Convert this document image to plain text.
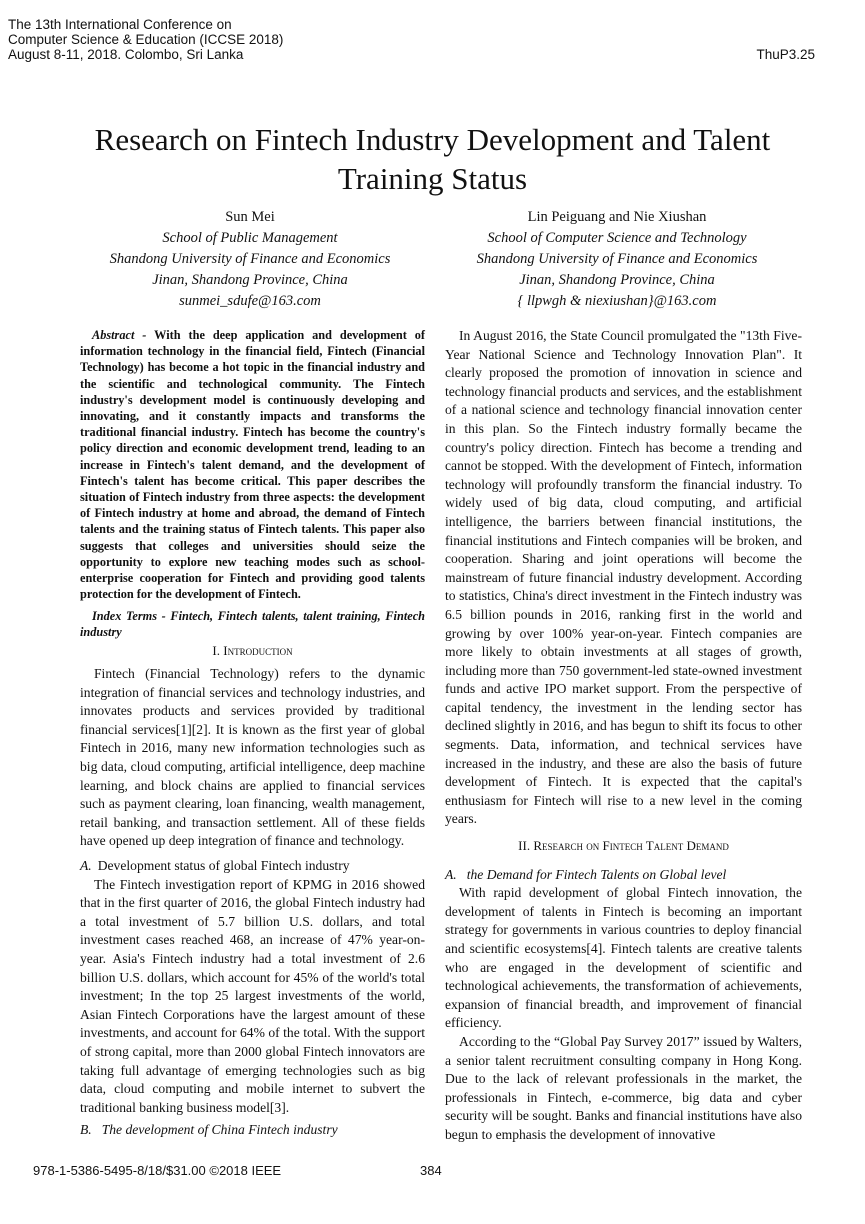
The 13th International Conference on
Computer Science & Education (ICCSE 2018)
August 8-11, 2018. Colombo, Sri Lanka	ThuP3.25
Research on Fintech Industry Development and Talent
Training Status
Sun Mei
School of Public Management
Shandong University of Finance and Economics
Jinan, Shandong Province, China
sunmei_sdufe@163.com
Lin Peiguang and Nie Xiushan
School of Computer Science and Technology
Shandong University of Finance and Economics
Jinan, Shandong Province, China
{ llpwgh & niexiushan}@163.com

Abstract - With the deep application and development of information technology in the financial field, Fintech (Financial Technology) has become a hot topic in the financial industry and the scientific and technological community. The Fintech industry's development model is continuously developing and innovating, and it constantly impacts and transforms the traditional financial industry. Fintech has become the country's policy direction and economic development trend, leading to an increase in Fintech's talent demand, and the development of Fintech's talent has become critical. This paper describes the situation of Fintech industry from three aspects: the development of Fintech industry at home and abroad, the demand of Fintech talents and the training status of Fintech talents. This paper also suggests that colleges and universities should seize the opportunity to explore new teaching modes such as school-enterprise cooperation for Fintech and providing good talents protection for the development of Fintech.

Index Terms - Fintech, Fintech talents, talent training, Fintech industry

I. Introduction

Fintech (Financial Technology) refers to the dynamic integration of financial services and technology industries, and innovates products and services provided by traditional financial services[1][2]. It is known as the first year of global Fintech in 2016, many new information technologies such as big data, cloud computing, artificial intelligence, deep machine learning, and block chains are applied to financial services such as payment clearing, loan financing, wealth management, retail banking, and transaction settlement. All of these fields have opened up deep integration of finance and technology.

A. Development status of global Fintech industry

The Fintech investigation report of KPMG in 2016 showed that in the first quarter of 2016, the global Fintech industry had a total investment of 5.7 billion U.S. dollars, and total investment cases reached 468, an increase of 47% year-on-year. Asia's Fintech industry had a total investment of 2.6 billion U.S. dollars, which account for 45% of the world's total investment; In the top 25 largest investments of the world, Asian Fintech Corporations have the largest amount of these investments, and account for 64% of the total. With the support of strong capital, more than 2000 global Fintech innovators are taking full advantage of emerging technologies such as big data, cloud computing and mobile internet to subvert the traditional banking business model[3].

B. The development of China Fintech industry

In August 2016, the State Council promulgated the "13th Five-Year National Science and Technology Innovation Plan". It clearly proposed the promotion of innovation in science and technology financial products and services, and the establishment of a national science and technology financial innovation center in this plan. So the Fintech industry formally became the country's policy direction. Fintech has become a trending and cannot be stopped. With the development of Fintech, information technology will profoundly transform the financial industry. To widely used of big data, cloud computing, and artificial intelligence, the barriers between financial institutions, the financial institutions and Fintech companies will be broken, and cooperation. Sharing and joint operations will become the mainstream of future financial industry development. According to statistics, China's direct investment in the Fintech industry was 6.5 billion pounds in 2016, ranking first in the world and growing by over 100% year-on-year. Fintech companies are more likely to obtain investments at all stages of growth, including more than 750 government-led state-owned investment funds and active IPO market support. From the perspective of capital tendency, the investment in the lending sector has declined slightly in 2016, and has begun to shift its focus to other segments. Data, information, and technical services have increased in the industry, and these are also the basis of future development of Fintech. It is expected that the capital's enthusiasm for Fintech will rise to a new level in the coming years.

II. Research on Fintech Talent Demand
A. the Demand for Fintech Talents on Global level

With rapid development of global Fintech innovation, the development of talents in Fintech is becoming an important strategy for governments in various countries to deploy financial and scientific ecosystems[4]. Fintech talents are creative talents who are engaged in the development of scientific and technological achievements, the transformation of achievements, expansion of financial breadth, and improvement of financial efficiency.

According to the “Global Pay Survey 2017” issued by Walters, a senior talent recruitment consulting company in Hong Kong. Due to the lack of relevant professionals in the market, the professionals in Fintech, e-commerce, big data and cyber security will be sought. Banks and financial institutions have also begun to emphasis the development of innovative

978-1-5386-5495-8/18/$31.00 ©2018 IEEE	384
